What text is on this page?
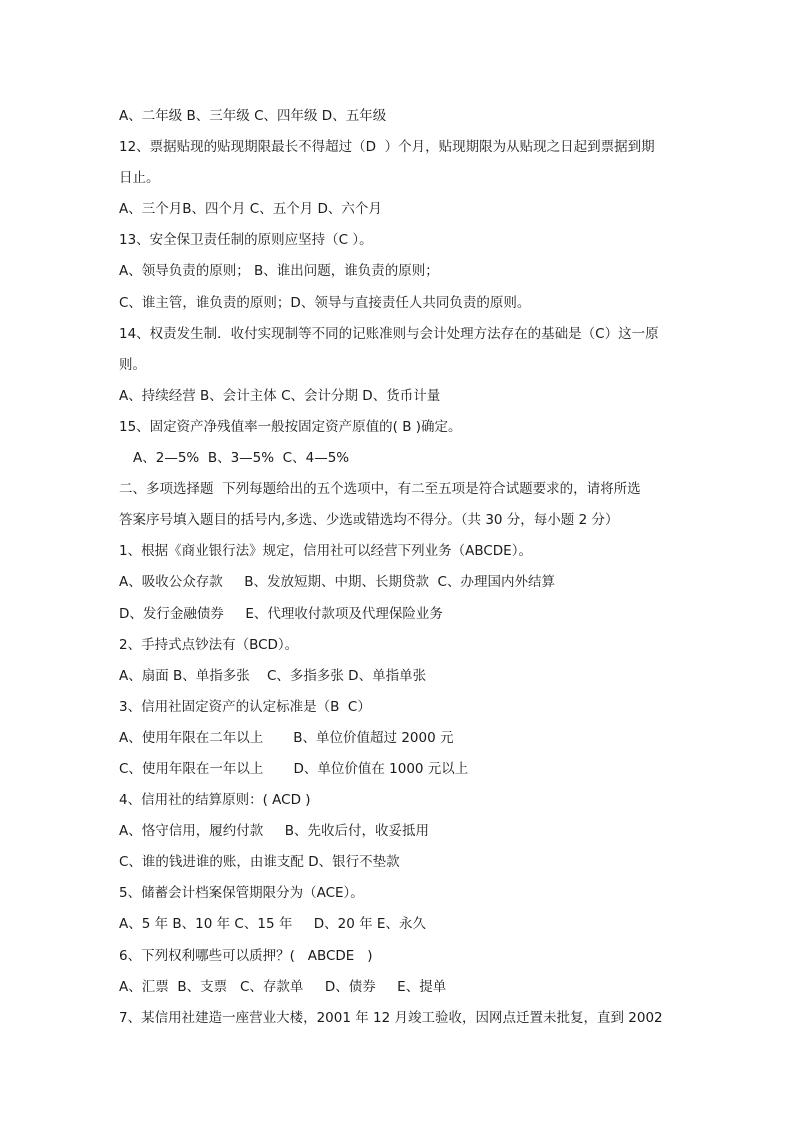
A、二年级 B、三年级 C、四年级 D、五年级
12、票据贴现的贴现期限最长不得超过（D  ）个月，贴现期限为从贴现之日起到票据到期
日止。
A、三个月B、四个月 C、五个月 D、六个月
13、安全保卫责任制的原则应坚持（C ）。
A、领导负责的原则； B、谁出问题，谁负责的原则；
C、谁主管，谁负责的原则；D、领导与直接责任人共同负责的原则。
14、权责发生制．收付实现制等不同的记账准则与会计处理方法存在的基础是（C）这一原
则。
A、持续经营 B、会计主体 C、会计分期 D、货币计量
15、固定资产净残值率一般按固定资产原值的( B )确定。
A、2—5%  B、3—5%  C、4—5%
二、多项选择题  下列每题给出的五个选项中，有二至五项是符合试题要求的，请将所选
答案序号填入题目的括号内,多选、少选或错选均不得分。（共 30 分，每小题 2 分）
1、根据《商业银行法》规定，信用社可以经营下列业务（ABCDE）。
A、吸收公众存款     B、发放短期、中期、长期贷款  C、办理国内外结算
D、发行金融债券     E、代理收付款项及代理保险业务
2、手持式点钞法有（BCD）。
A、扇面 B、单指多张    C、多指多张 D、单指单张
3、信用社固定资产的认定标准是（B  C）
A、使用年限在二年以上       B、单位价值超过 2000 元
C、使用年限在一年以上       D、单位价值在 1000 元以上
4、信用社的结算原则：( ACD )
A、恪守信用，履约付款     B、先收后付，收妥抵用
C、谁的钱进谁的账，由谁支配 D、银行不垫款
5、储蓄会计档案保管期限分为（ACE）。
A、5 年 B、10 年 C、15 年     D、20 年 E、永久
6、下列权利哪些可以质押？(   ABCDE   )
A、汇票  B、支票   C、存款单     D、债券     E、提单
7、某信用社建造一座营业大楼，2001 年 12 月竣工验收，因网点迁置未批复，直到 2002
